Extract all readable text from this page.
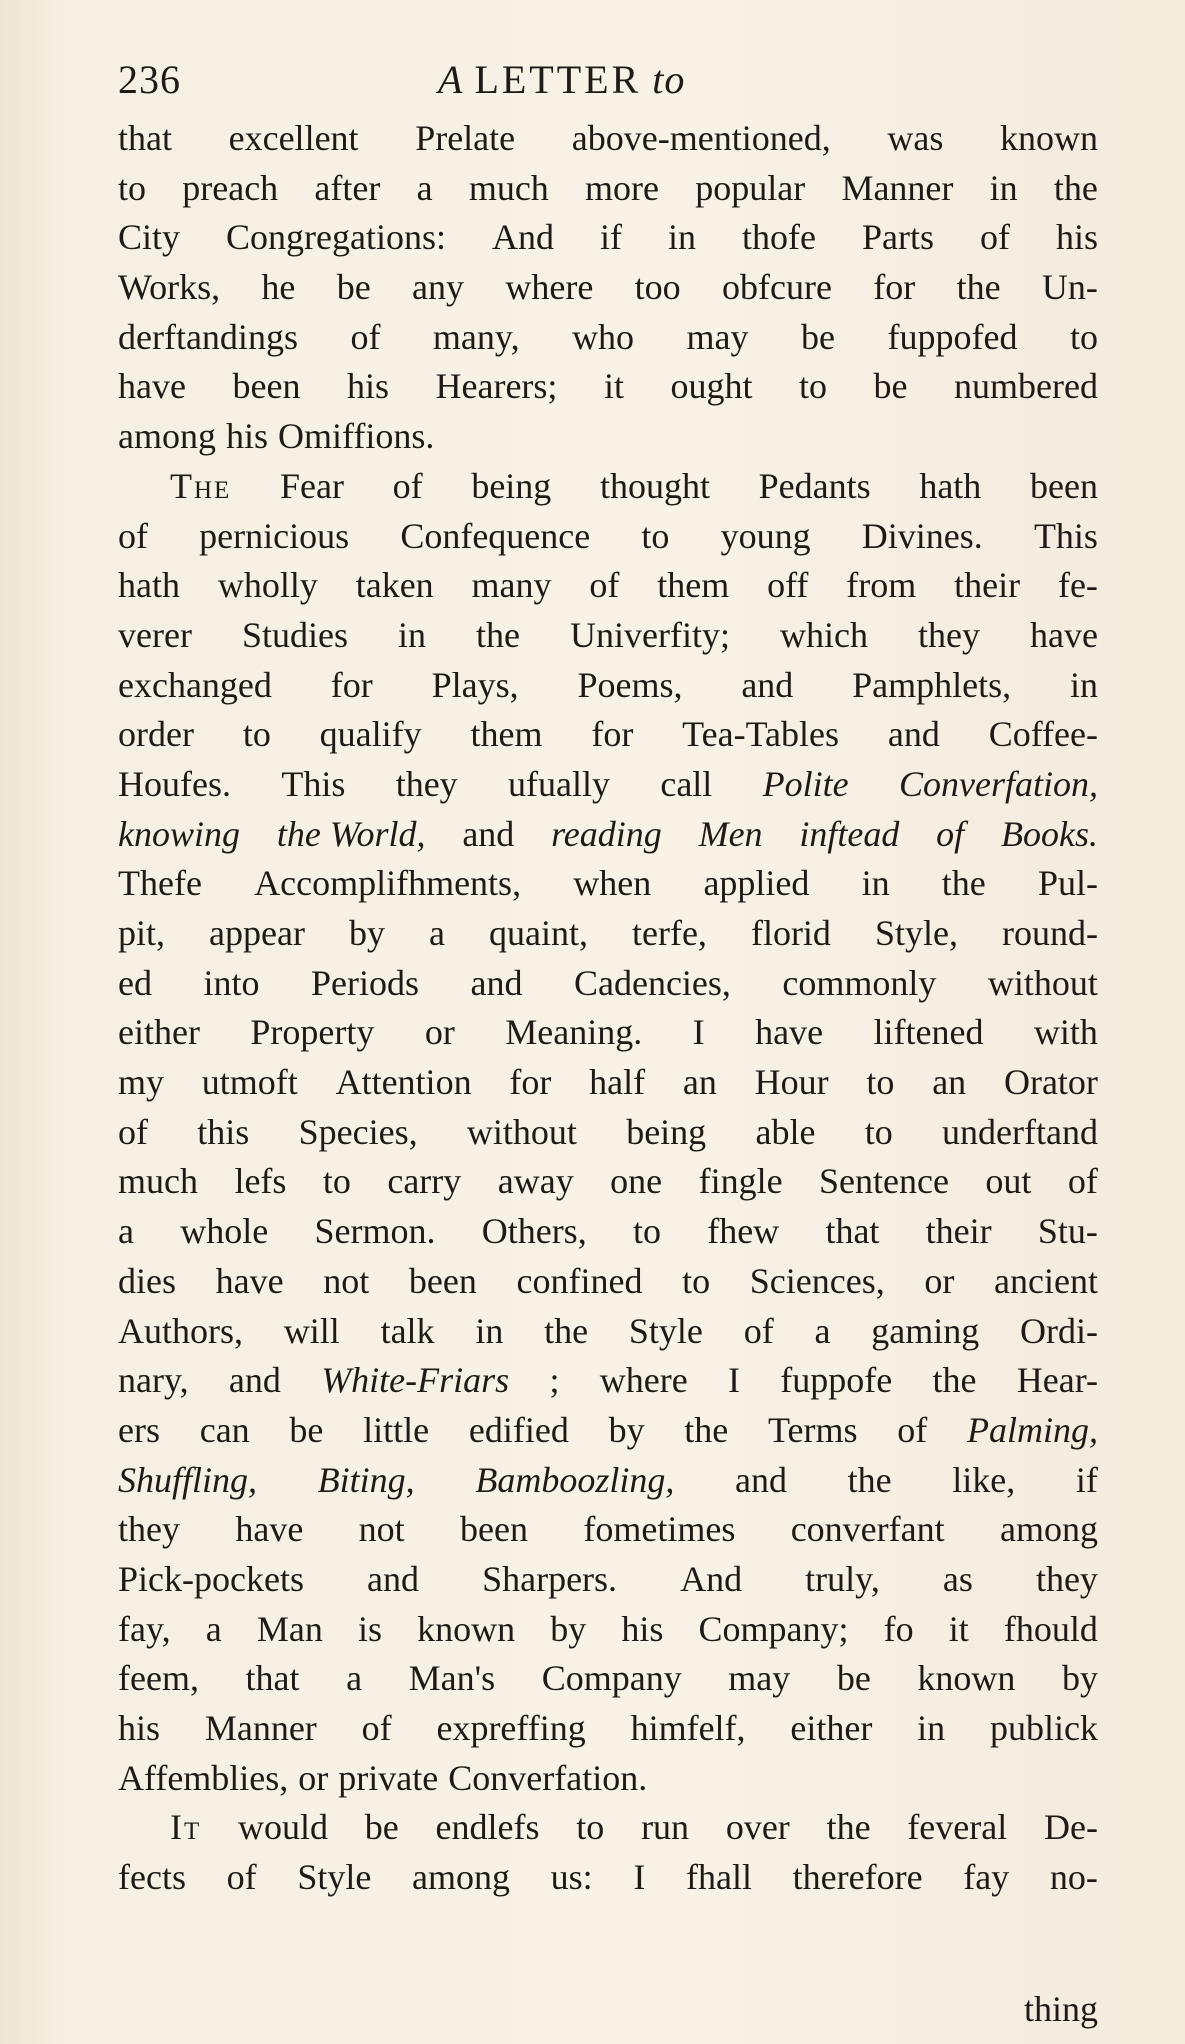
236	A LETTER to
that excellent Prelate above-mentioned, was known
to preach after a much more popular Manner in the
City Congregations: And if in thofe Parts of his
Works, he be any where too obfcure for the Un-
derftandings of many, who may be fuppofed to
have been his Hearers; it ought to be numbered
among his Omiffions.
The Fear of being thought Pedants hath been
of pernicious Confequence to young Divines. This
hath wholly taken many of them off from their fe-
verer Studies in the Univerfity; which they have
exchanged for Plays, Poems, and Pamphlets, in
order to qualify them for Tea-Tables and Coffee-
Houfes. This they ufually call Polite Converfation,
knowing the World, and reading Men inftead of Books.
Thefe Accomplifhments, when applied in the Pul-
pit, appear by a quaint, terfe, florid Style, round-
ed into Periods and Cadencies, commonly without
either Property or Meaning. I have liftened with
my utmoft Attention for half an Hour to an Orator
of this Species, without being able to underftand
much lefs to carry away one fingle Sentence out of
a whole Sermon. Others, to fhew that their Stu-
dies have not been confined to Sciences, or ancient
Authors, will talk in the Style of a gaming Ordi-
nary, and White-Friars ; where I fuppofe the Hear-
ers can be little edified by the Terms of Palming,
Shuffling, Biting, Bamboozling, and the like, if
they have not been fometimes converfant among
Pick-pockets and Sharpers. And truly, as they
fay, a Man is known by his Company; fo it fhould
feem, that a Man's Company may be known by
his Manner of expreffing himfelf, either in publick
Affemblies, or private Converfation.
It would be endlefs to run over the feveral De-
fects of Style among us: I fhall therefore fay no-
thing
